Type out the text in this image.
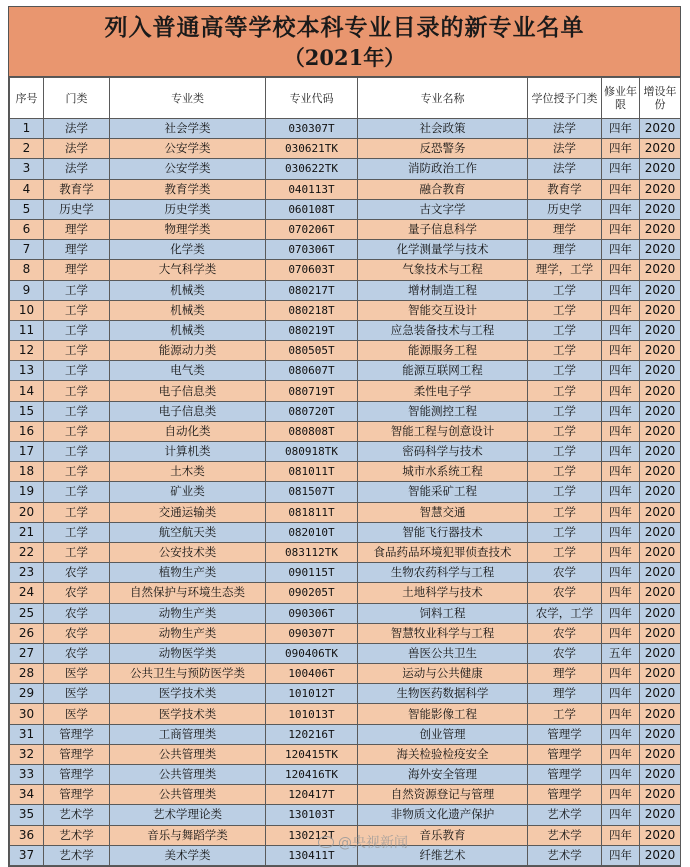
列入普通高等学校本科专业目录的新专业名单
（2021年）
序号	门类	专业类	专业代码	专业名称	学位授予门类	修业年限	增设年份
1	法学	社会学类	030307T	社会政策	法学	四年	2020
2	法学	公安学类	030621TK	反恐警务	法学	四年	2020
3	法学	公安学类	030622TK	消防政治工作	法学	四年	2020
4	教育学	教育学类	040113T	融合教育	教育学	四年	2020
5	历史学	历史学类	060108T	古文字学	历史学	四年	2020
6	理学	物理学类	070206T	量子信息科学	理学	四年	2020
7	理学	化学类	070306T	化学测量学与技术	理学	四年	2020
8	理学	大气科学类	070603T	气象技术与工程	理学，工学	四年	2020
9	工学	机械类	080217T	增材制造工程	工学	四年	2020
10	工学	机械类	080218T	智能交互设计	工学	四年	2020
11	工学	机械类	080219T	应急装备技术与工程	工学	四年	2020
12	工学	能源动力类	080505T	能源服务工程	工学	四年	2020
13	工学	电气类	080607T	能源互联网工程	工学	四年	2020
14	工学	电子信息类	080719T	柔性电子学	工学	四年	2020
15	工学	电子信息类	080720T	智能测控工程	工学	四年	2020
16	工学	自动化类	080808T	智能工程与创意设计	工学	四年	2020
17	工学	计算机类	080918TK	密码科学与技术	工学	四年	2020
18	工学	土木类	081011T	城市水系统工程	工学	四年	2020
19	工学	矿业类	081507T	智能采矿工程	工学	四年	2020
20	工学	交通运输类	081811T	智慧交通	工学	四年	2020
21	工学	航空航天类	082010T	智能飞行器技术	工学	四年	2020
22	工学	公安技术类	083112TK	食品药品环境犯罪侦查技术	工学	四年	2020
23	农学	植物生产类	090115T	生物农药科学与工程	农学	四年	2020
24	农学	自然保护与环境生态类	090205T	土地科学与技术	农学	四年	2020
25	农学	动物生产类	090306T	饲料工程	农学，工学	四年	2020
26	农学	动物生产类	090307T	智慧牧业科学与工程	农学	四年	2020
27	农学	动物医学类	090406TK	兽医公共卫生	农学	五年	2020
28	医学	公共卫生与预防医学类	100406T	运动与公共健康	理学	四年	2020
29	医学	医学技术类	101012T	生物医药数据科学	理学	四年	2020
30	医学	医学技术类	101013T	智能影像工程	工学	四年	2020
31	管理学	工商管理类	120216T	创业管理	管理学	四年	2020
32	管理学	公共管理类	120415TK	海关检验检疫安全	管理学	四年	2020
33	管理学	公共管理类	120416TK	海外安全管理	管理学	四年	2020
34	管理学	公共管理类	120417T	自然资源登记与管理	管理学	四年	2020
35	艺术学	艺术学理论类	130103T	非物质文化遗产保护	艺术学	四年	2020
36	艺术学	音乐与舞蹈学类	130212T	音乐教育	艺术学	四年	2020
37	艺术学	美术学类	130411T	纤维艺术	艺术学	四年	2020
@央视新闻
